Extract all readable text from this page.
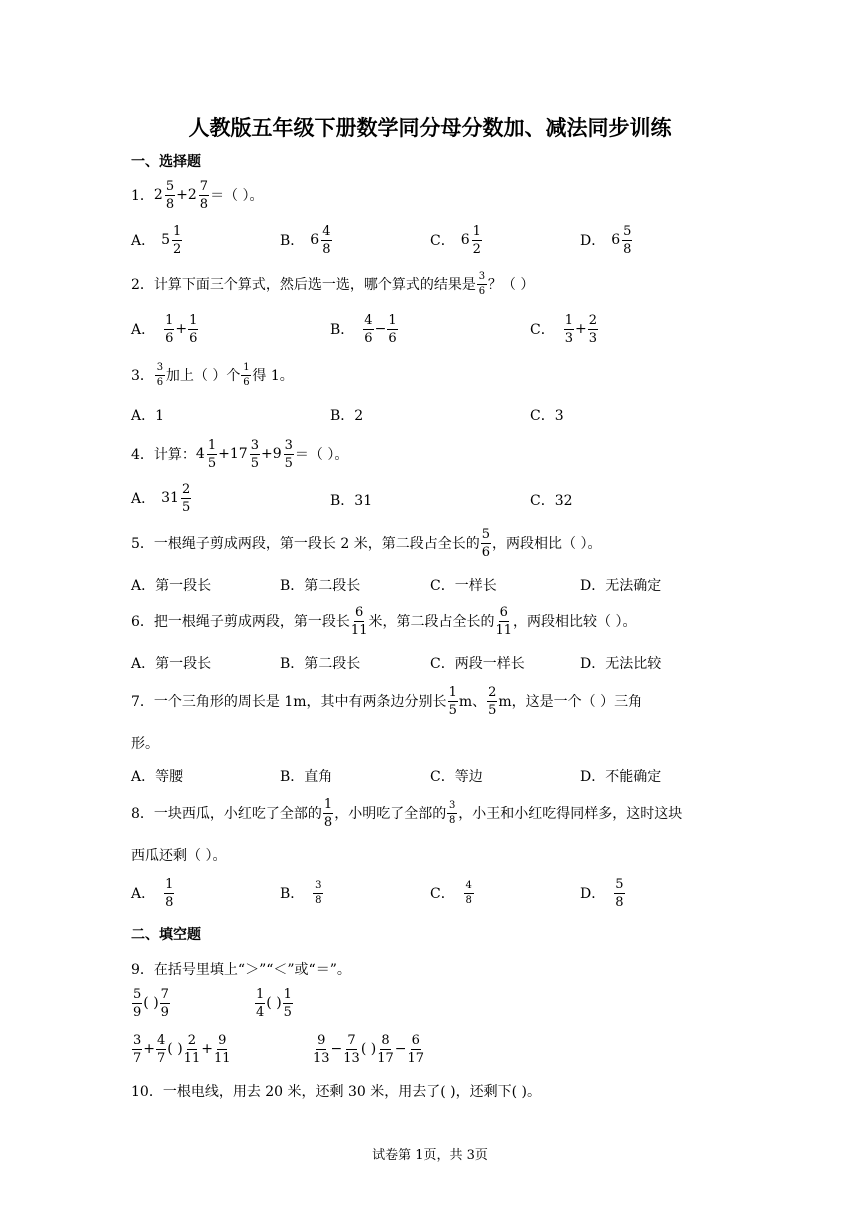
人教版五年级下册数学同分母分数加、减法同步训练
一、选择题
1． $2 \frac{5}{8} + 2 \frac{7}{8}$ ＝（ ）。
A． $5 \frac{1}{2}$	B． $6 \frac{4}{8}$	C． $6 \frac{1}{2}$	D． $6 \frac{5}{8}$
2． 计算下面三个算式，然后选一选，哪个算式的结果是 $\frac{3}{6}$ ？（ ）
A． $\frac{1}{6} + \frac{1}{6}$	B． $\frac{4}{6} - \frac{1}{6}$	C． $\frac{1}{3} + \frac{2}{3}$
3． $\frac{3}{6}$ 加上（ ）个 $\frac{1}{6}$ 得 1。
A．1	B．2	C．3
4． 计算： $4 \frac{1}{5} + 17 \frac{3}{5} + 9 \frac{3}{5}$ ＝（ ）。
A． $31 \frac{2}{5}$	B．31	C．32
5． 一根绳子剪成两段，第一段长 2 米，第二段占全长的 $\frac{5}{6}$ ，两段相比（ ）。
A．第一段长	B．第二段长	C．一样长	D．无法确定
6． 把一根绳子剪成两段，第一段长 $\frac{6}{11}$ 米，第二段占全长的 $\frac{6}{11}$ ，两段相比较（ ）。
A．第一段长	B．第二段长	C．两段一样长	D．无法比较
7． 一个三角形的周长是 1m，其中有两条边分别长 $\frac{1}{5}$ m、 $\frac{2}{5}$ m，这是一个（ ）三角
形。
A．等腰	B．直角	C．等边	D．不能确定
8． 一块西瓜，小红吃了全部的 $\frac{1}{8}$ ，小明吃了全部的 $\frac{3}{8}$ ，小王和小红吃得同样多，这时这块
西瓜还剩（ ）。
A． $\frac{1}{8}$	B． $\frac{3}{8}$	C． $\frac{4}{8}$	D． $\frac{5}{8}$
二、填空题
9．在括号里填上“＞”“＜”或“＝”。
$\frac{5}{9}$ ( ) $\frac{7}{9}$	$\frac{1}{4}$ ( ) $\frac{1}{5}$
$\frac{3}{7} + \frac{4}{7}$ ( ) $\frac{2}{11} + \frac{9}{11}$	$\frac{9}{13} - \frac{7}{13}$ ( ) $\frac{8}{17} - \frac{6}{17}$
10．一根电线，用去 20 米，还剩 30 米，用去了( )，还剩下( )。
试卷第 1页，共 3页
